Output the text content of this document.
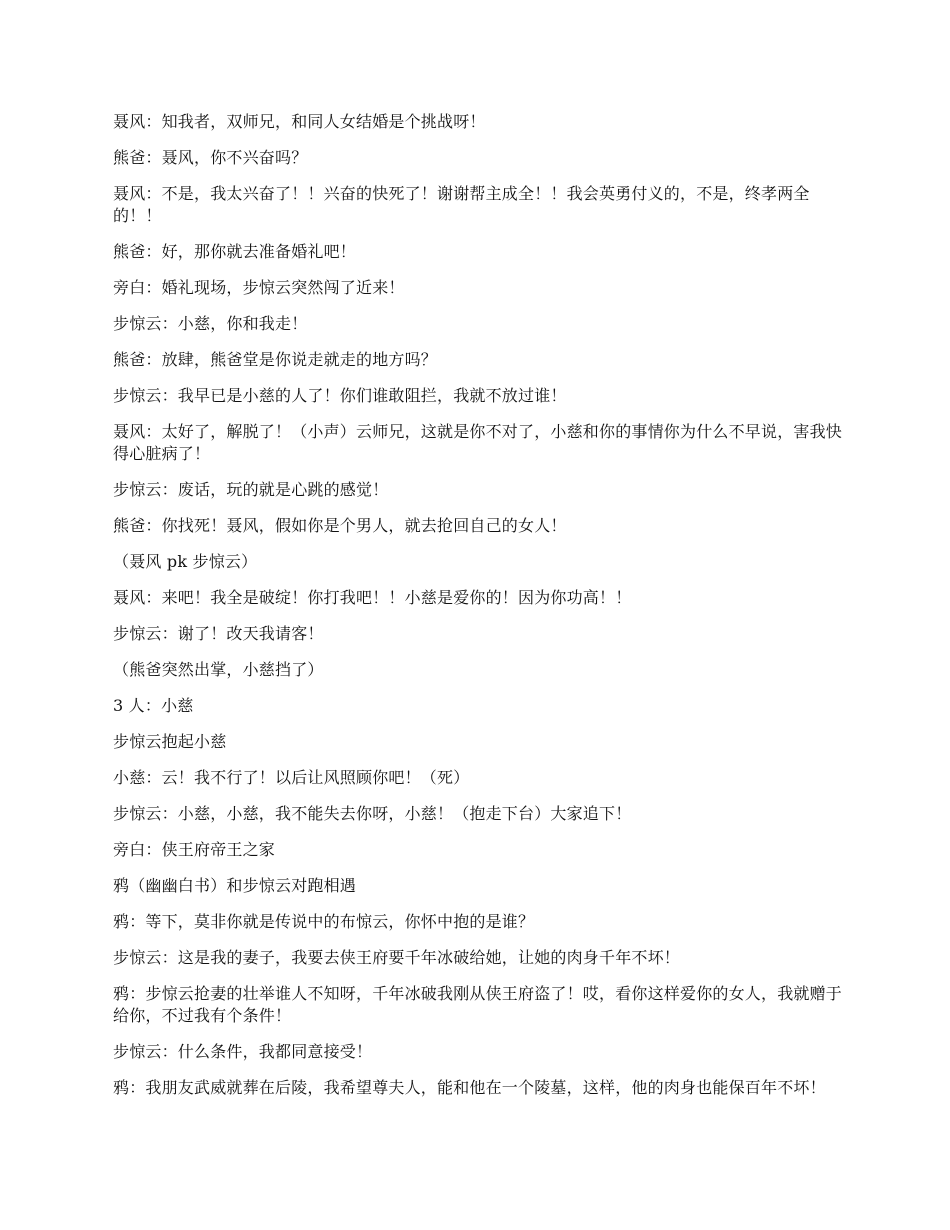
聂风：知我者，双师兄，和同人女结婚是个挑战呀！

熊爸：聂风，你不兴奋吗？

聂风：不是，我太兴奋了！！兴奋的快死了！谢谢帮主成全！！我会英勇付义的，不是，终孝两全的！！

熊爸：好，那你就去准备婚礼吧！

旁白：婚礼现场，步惊云突然闯了近来！

步惊云：小慈，你和我走！

熊爸：放肆，熊爸堂是你说走就走的地方吗？

步惊云：我早已是小慈的人了！你们谁敢阻拦，我就不放过谁！

聂风：太好了，解脱了！（小声）云师兄，这就是你不对了，小慈和你的事情你为什么不早说，害我快得心脏病了！

步惊云：废话，玩的就是心跳的感觉！

熊爸：你找死！聂风，假如你是个男人，就去抢回自己的女人！

（聂风 pk 步惊云）

聂风：来吧！我全是破绽！你打我吧！！小慈是爱你的！因为你功高！！

步惊云：谢了！改天我请客！

（熊爸突然出掌，小慈挡了）

3 人：小慈

步惊云抱起小慈

小慈：云！我不行了！以后让风照顾你吧！（死）

步惊云：小慈，小慈，我不能失去你呀，小慈！（抱走下台）大家追下！

旁白：侠王府帝王之家

鸦（幽幽白书）和步惊云对跑相遇

鸦：等下，莫非你就是传说中的布惊云，你怀中抱的是谁？

步惊云：这是我的妻子，我要去侠王府要千年冰破给她，让她的肉身千年不坏！

鸦：步惊云抢妻的壮举谁人不知呀，千年冰破我刚从侠王府盗了！哎，看你这样爱你的女人，我就赠于给你，不过我有个条件！

步惊云：什么条件，我都同意接受！

鸦：我朋友武威就葬在后陵，我希望尊夫人，能和他在一个陵墓，这样，他的肉身也能保百年不坏！
